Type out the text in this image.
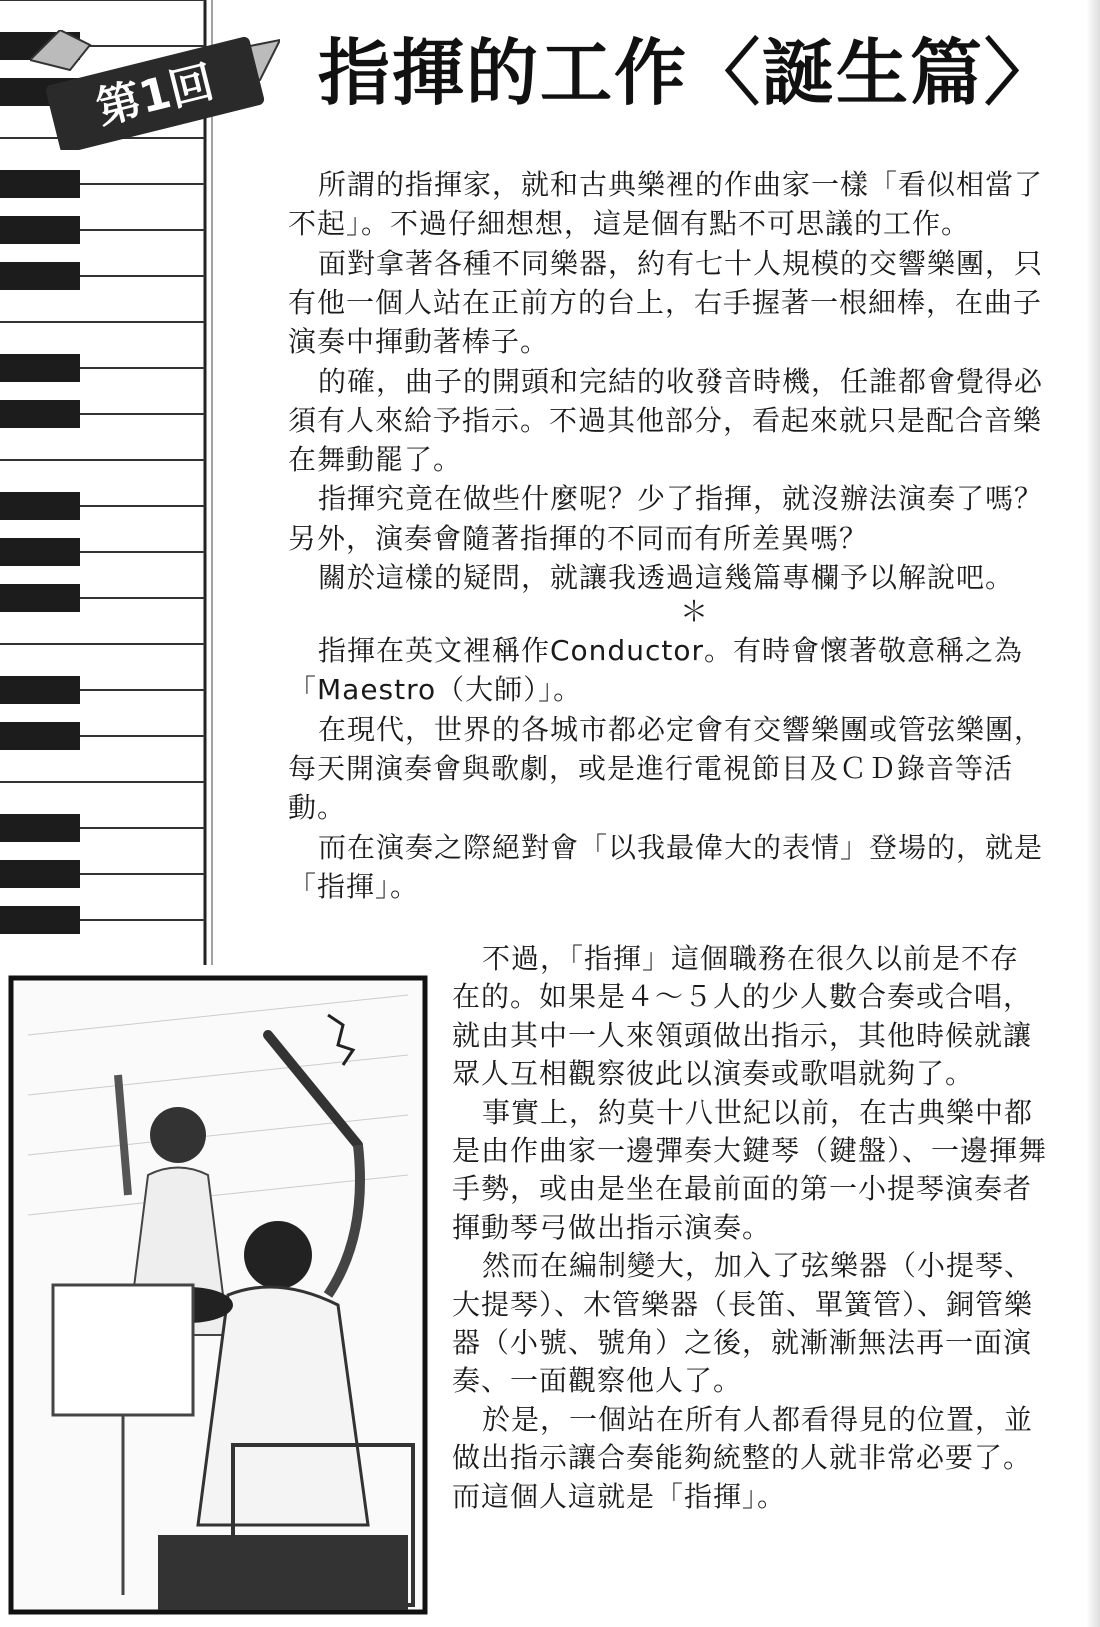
第1回 指揮的工作〈誕生篇〉
所謂的指揮家，就和古典樂裡的作曲家一樣「看似相當了
不起」。不過仔細想想，這是個有點不可思議的工作。
面對拿著各種不同樂器，約有七十人規模的交響樂團，只
有他一個人站在正前方的台上，右手握著一根細棒，在曲子
演奏中揮動著棒子。
的確，曲子的開頭和完結的收發音時機，任誰都會覺得必
須有人來給予指示。不過其他部分，看起來就只是配合音樂
在舞動罷了。
指揮究竟在做些什麼呢？少了指揮，就沒辦法演奏了嗎？
另外，演奏會隨著指揮的不同而有所差異嗎？
關於這樣的疑問，就讓我透過這幾篇專欄予以解說吧。
指揮在英文裡稱作Conductor。有時會懷著敬意稱之為
「Maestro（大師）」。
在現代，世界的各城市都必定會有交響樂團或管弦樂團，
每天開演奏會與歌劇，或是進行電視節目及ＣＤ錄音等活
動。
而在演奏之際絕對會「以我最偉大的表情」登場的，就是
「指揮」。
不過，「指揮」這個職務在很久以前是不存
在的。如果是４～５人的少人數合奏或合唱，
就由其中一人來領頭做出指示，其他時候就讓
眾人互相觀察彼此以演奏或歌唱就夠了。
事實上，約莫十八世紀以前，在古典樂中都
是由作曲家一邊彈奏大鍵琴（鍵盤）、一邊揮舞
手勢，或由是坐在最前面的第一小提琴演奏者
揮動琴弓做出指示演奏。
然而在編制變大，加入了弦樂器（小提琴、
大提琴）、木管樂器（長笛、單簧管）、銅管樂
器（小號、號角）之後，就漸漸無法再一面演
奏、一面觀察他人了。
於是，一個站在所有人都看得見的位置，並
做出指示讓合奏能夠統整的人就非常必要了。
而這個人這就是「指揮」。
＊
